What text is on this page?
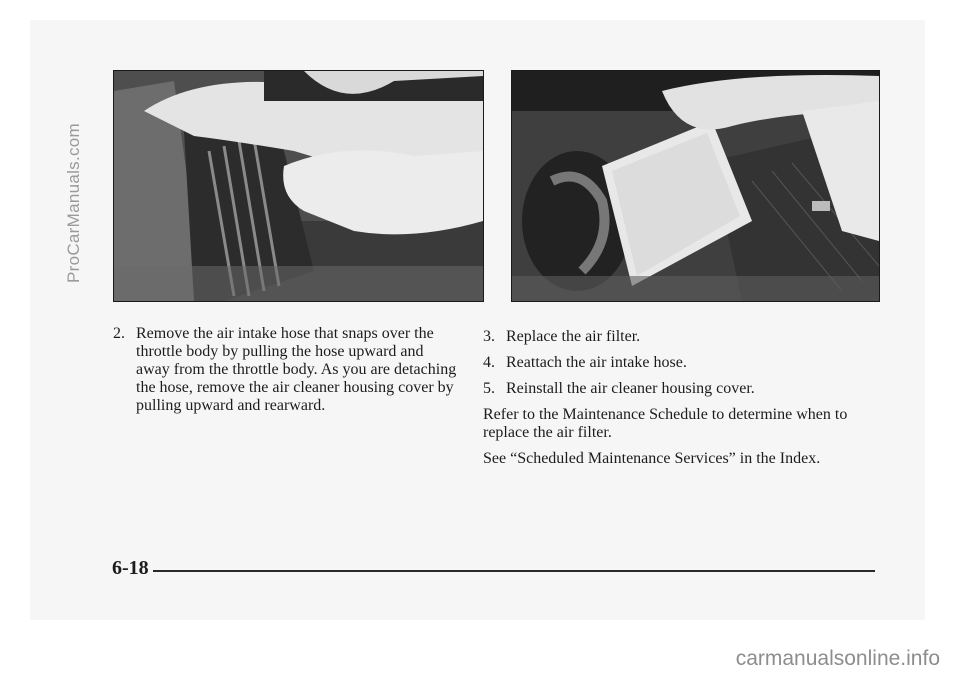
ProCarManuals.com
2. Remove the air intake hose that snaps over the throttle body by pulling the hose upward and away from the throttle body. As you are detaching the hose, remove the air cleaner housing cover by pulling upward and rearward.
3. Replace the air filter.
4. Reattach the air intake hose.
5. Reinstall the air cleaner housing cover.

Refer to the Maintenance Schedule to determine when to replace the air filter.

See “Scheduled Maintenance Services” in the Index.

6-18
carmanualsonline.info
